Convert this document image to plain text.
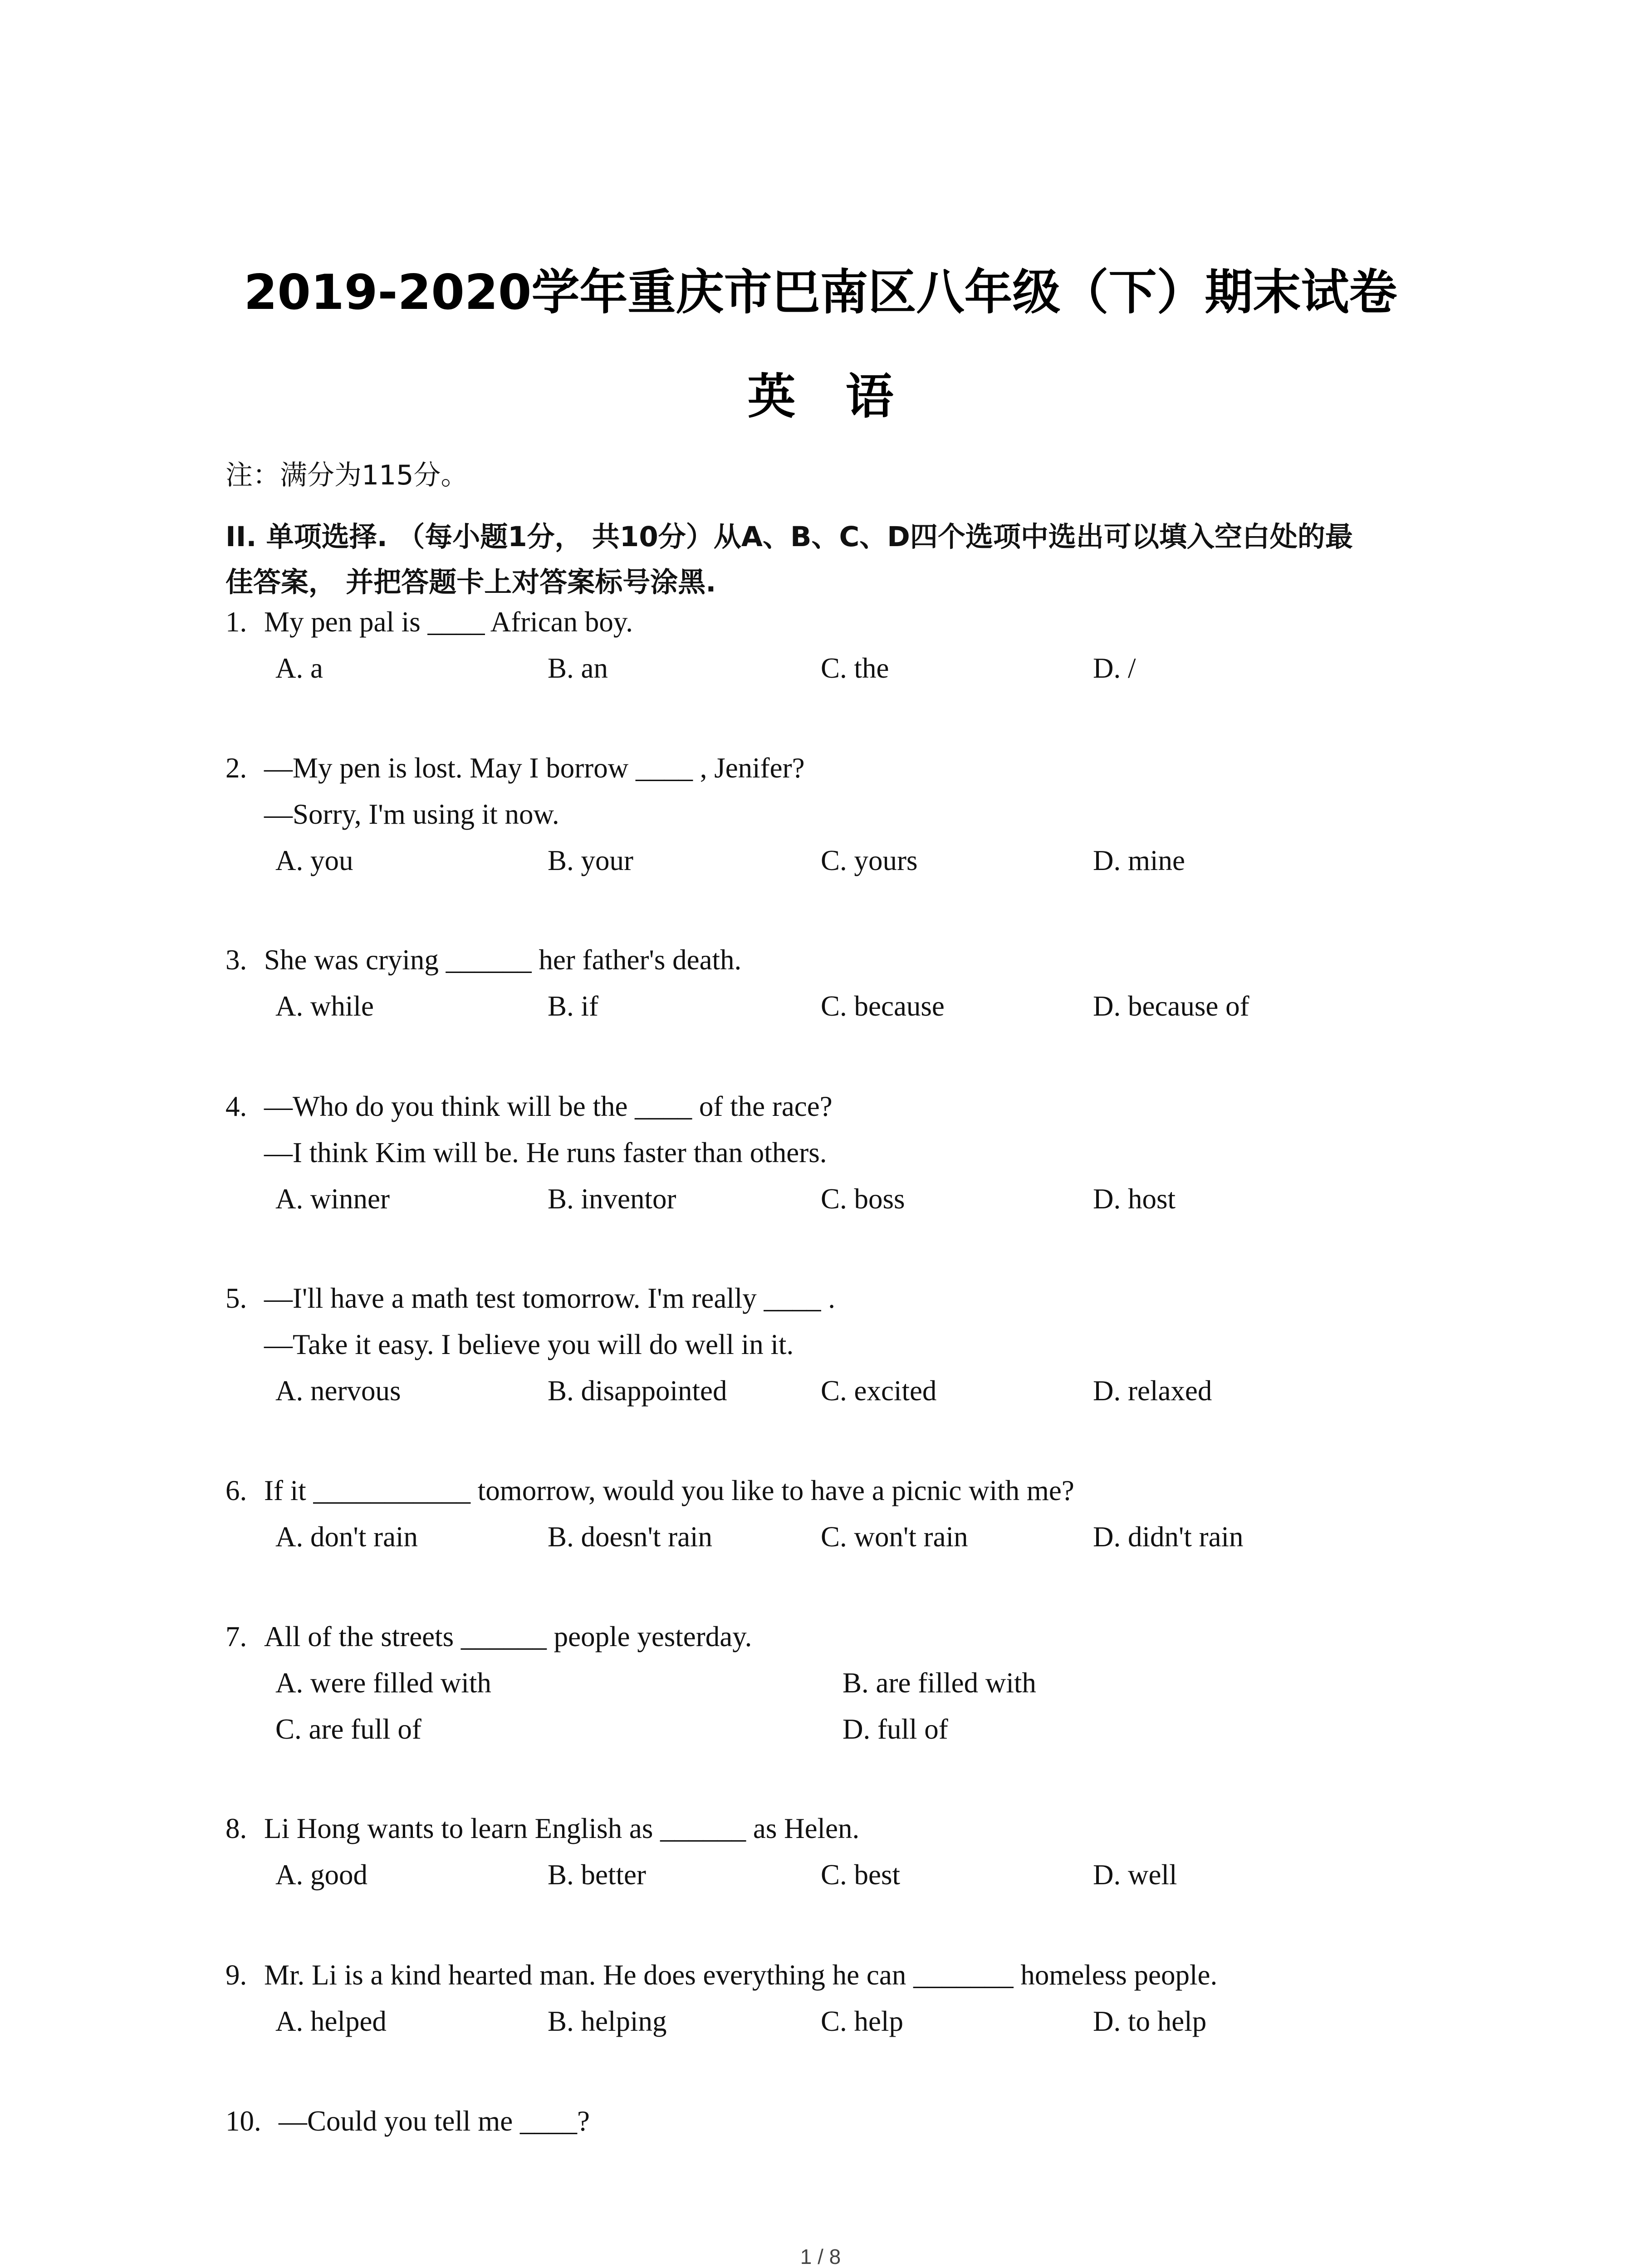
2019-2020学年重庆市巴南区八年级（下）期末试卷
英语
注：满分为115分。
II. 单项选择. （每小题1分， 共10分）从A、B、C、D四个选项中选出可以填入空白处的最
佳答案， 并把答题卡上对答案标号涂黑.
1. My pen pal is ____ African boy.
A. a	B. an	C. the	D. /
2. —My pen is lost. May I borrow ____ , Jenifer?
—Sorry, I'm using it now.
A. you	B. your	C. yours	D. mine
3. She was crying ______ her father's death.
A. while	B. if	C. because	D. because of
4. —Who do you think will be the ____ of the race?
—I think Kim will be. He runs faster than others.
A. winner	B. inventor	C. boss	D. host
5. —I'll have a math test tomorrow. I'm really ____ .
—Take it easy. I believe you will do well in it.
A. nervous	B. disappointed	C. excited	D. relaxed
6. If it ___________ tomorrow, would you like to have a picnic with me?
A. don't rain	B. doesn't rain	C. won't rain	D. didn't rain
7. All of the streets ______ people yesterday.
A. were filled with	B. are filled with
C. are full of	D. full of
8. Li Hong wants to learn English as ______ as Helen.
A. good	B. better	C. best	D. well
9. Mr. Li is a kind hearted man. He does everything he can _______ homeless people.
A. helped	B. helping	C. help	D. to help
10. —Could you tell me ____?
1 / 8
